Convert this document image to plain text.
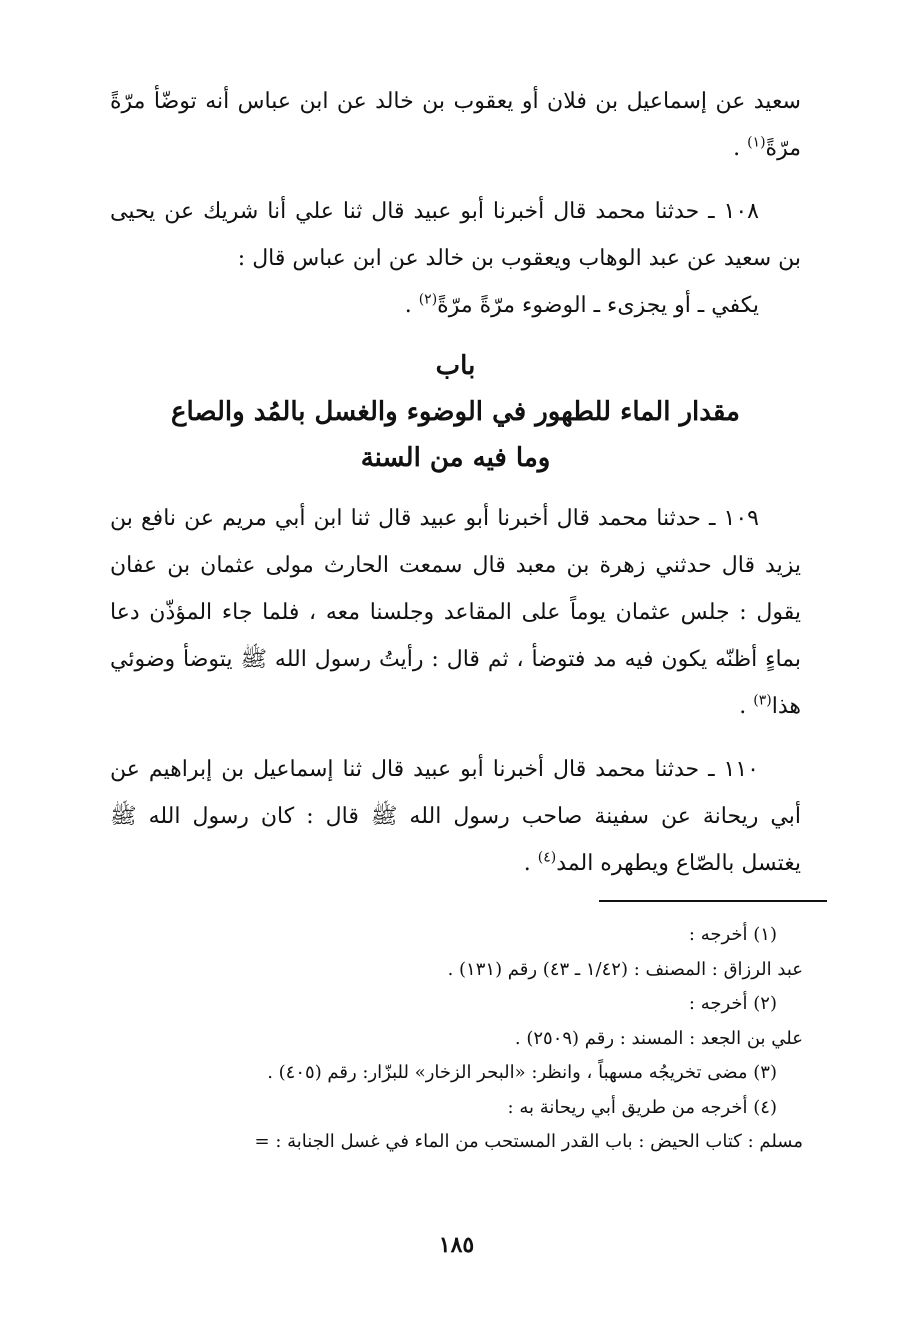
سعيد عن إسماعيل بن فلان أو يعقوب بن خالد عن ابن عباس أنه توضّأ مرّةً مرّةً$^{(١)}$ .

١٠٨ ـ حدثنا محمد قال أخبرنا أبو عبيد قال ثنا علي أنا شريك عن يحيى بن سعيد عن عبد الوهاب ويعقوب بن خالد عن ابن عباس قال :

يكفي ـ أو يجزىء ـ الوضوء مرّةً مرّةً$^{(٢)}$ .

باب

مقدار الماء للطهور في الوضوء والغسل بالمُد والصاع

وما فيه من السنة

١٠٩ ـ حدثنا محمد قال أخبرنا أبو عبيد قال ثنا ابن أبي مريم عن نافع بن يزيد قال حدثني زهرة بن معبد قال سمعت الحارث مولى عثمان بن عفان يقول : جلس عثمان يوماً على المقاعد وجلسنا معه ، فلما جاء المؤذّن دعا بماءٍ أظنّه يكون فيه مد فتوضأ ، ثم قال : رأيتُ رسول الله ﷺ يتوضأ وضوئي هذا$^{(٣)}$ .

١١٠ ـ حدثنا محمد قال أخبرنا أبو عبيد قال ثنا إسماعيل بن إبراهيم عن أبي ريحانة عن سفينة صاحب رسول الله ﷺ قال : كان رسول الله ﷺ يغتسل بالصّاع ويطهره المد$^{(٤)}$ .

(١) أخرجه :

عبد الرزاق : المصنف : (١/٤٢ ـ ٤٣) رقم (١٣١) .

(٢) أخرجه :

علي بن الجعد : المسند : رقم (٢٥٠٩) .

(٣) مضى تخريجُه مسهباً ، وانظر: «البحر الزخار» للبزّار: رقم (٤٠٥) .

(٤) أخرجه من طريق أبي ريحانة به :

مسلم : كتاب الحيض : باب القدر المستحب من الماء في غسل الجنابة : =

١٨٥
